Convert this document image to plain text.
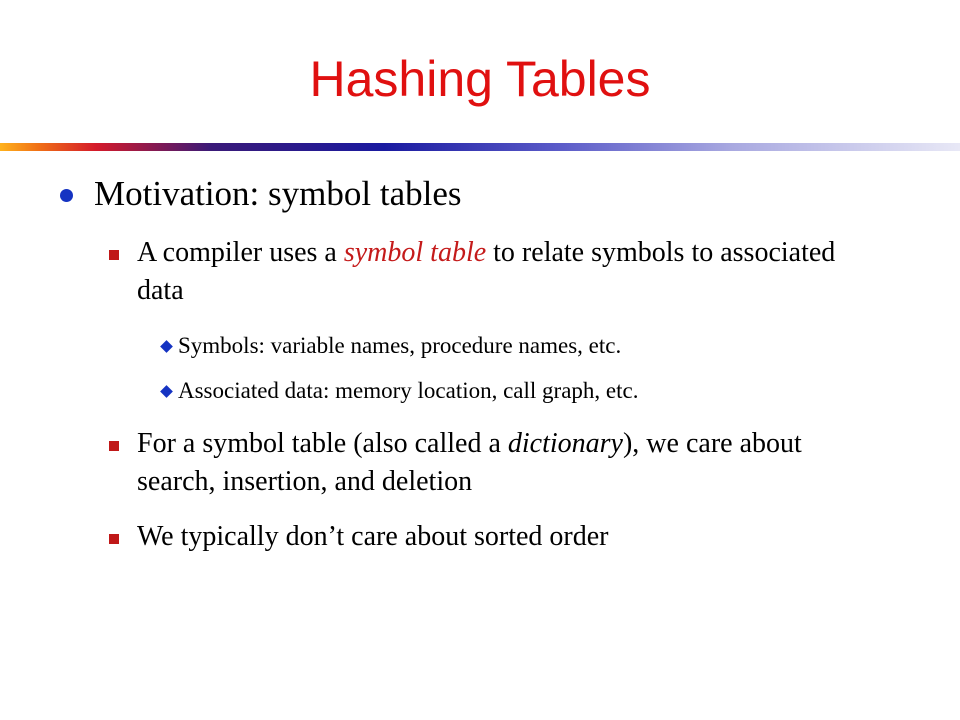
Hashing Tables
Motivation: symbol tables
A compiler uses a symbol table to relate symbols to associated data
Symbols: variable names, procedure names, etc.
Associated data: memory location, call graph, etc.
For a symbol table (also called a dictionary), we care about search, insertion, and deletion
We typically don’t care about sorted order
